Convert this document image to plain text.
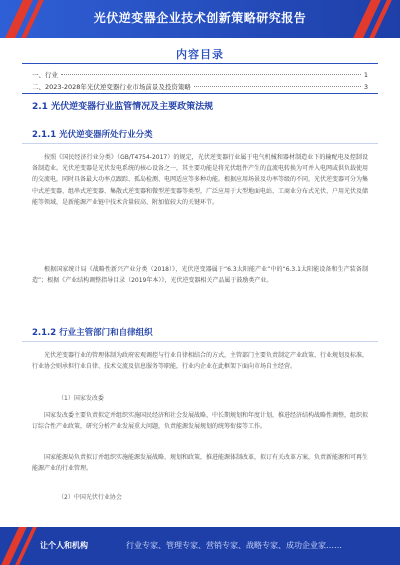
光伏逆变器企业技术创新策略研究报告
内容目录
一、行业	1
二、2023-2028年光伏逆变器行业市场前景及投资策略	3
2.1 光伏逆变器行业监管情况及主要政策法规
2.1.1 光伏逆变器所处行业分类
按照《国民经济行业分类》（GB/T4754-2017）的规定，光伏逆变器行业属于电气机械和器材制造业下的输配电及控制设备制造业。光伏逆变器是光伏发电系统的核心设备之一，其主要功能是将光伏组件产生的直流电转换为可并入电网或供负载使用的交流电，同时具备最大功率点跟踪、孤岛检测、电网适应等多种功能。根据应用场景及功率等级的不同，光伏逆变器可分为集中式逆变器、组串式逆变器、集散式逆变器和微型逆变器等类型，广泛应用于大型地面电站、工商业分布式光伏、户用光伏及储能等领域，是新能源产业链中技术含量较高、附加值较大的关键环节。
根据国家统计局《战略性新兴产业分类（2018）》，光伏逆变器属于“6.3太阳能产业”中的“6.3.1太阳能设备和生产装备制造”；根据《产业结构调整指导目录（2019年本）》，光伏逆变器相关产品属于鼓励类产业。
2.1.2 行业主管部门和自律组织
光伏逆变器行业的管理体制为政府宏观调控与行业自律相结合的方式，主管部门主要负责制定产业政策、行业规划及标准，行业协会则承担行业自律、技术交流及信息服务等职能，行业内企业在此框架下面向市场自主经营。
（1）国家发改委
国家发改委主要负责拟定并组织实施国民经济和社会发展战略、中长期规划和年度计划，推进经济结构战略性调整，组织拟订综合性产业政策，研究分析产业发展重大问题，负责能源发展规划的统筹衔接等工作。
国家能源局负责拟订并组织实施能源发展战略、规划和政策，推进能源体制改革，拟订有关改革方案，负责新能源和可再生能源产业的行业管理。
（2）中国光伏行业协会
让个人和机构	行业专家、管理专家、营销专家、战略专家、成功企业家……
